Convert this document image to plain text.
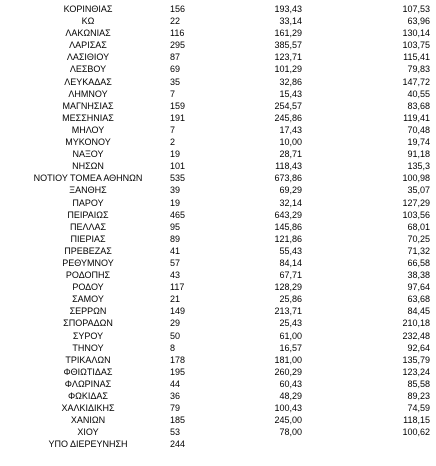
ΚΟΡΙΝΘΙΑΣ	156	193,43	107,53
ΚΩ	22	33,14	63,96
ΛΑΚΩΝΙΑΣ	116	161,29	130,14
ΛΑΡΙΣΑΣ	295	385,57	103,75
ΛΑΣΙΘΙΟΥ	87	123,71	115,41
ΛΕΣΒΟΥ	69	101,29	79,83
ΛΕΥΚΑΔΑΣ	35	32,86	147,72
ΛΗΜΝΟΥ	7	15,43	40,55
ΜΑΓΝΗΣΙΑΣ	159	254,57	83,68
ΜΕΣΣΗΝΙΑΣ	191	245,86	119,41
ΜΗΛΟΥ	7	17,43	70,48
ΜΥΚΟΝΟΥ	2	10,00	19,74
ΝΑΞΟΥ	19	28,71	91,18
ΝΗΣΩΝ	101	118,43	135,3
ΝΟΤΙΟΥ ΤΟΜΕΑ ΑΘΗΝΩΝ	535	673,86	100,98
ΞΑΝΘΗΣ	39	69,29	35,07
ΠΑΡΟΥ	19	32,14	127,29
ΠΕΙΡΑΙΩΣ	465	643,29	103,56
ΠΕΛΛΑΣ	95	145,86	68,01
ΠΙΕΡΙΑΣ	89	121,86	70,25
ΠΡΕΒΕΖΑΣ	41	55,43	71,32
ΡΕΘΥΜΝΟΥ	57	84,14	66,58
ΡΟΔΟΠΗΣ	43	67,71	38,38
ΡΟΔΟΥ	117	128,29	97,64
ΣΑΜΟΥ	21	25,86	63,68
ΣΕΡΡΩΝ	149	213,71	84,45
ΣΠΟΡΑΔΩΝ	29	25,43	210,18
ΣΥΡΟΥ	50	61,00	232,48
ΤΗΝΟΥ	8	16,57	92,64
ΤΡΙΚΑΛΩΝ	178	181,00	135,79
ΦΘΙΩΤΙΔΑΣ	195	260,29	123,24
ΦΛΩΡΙΝΑΣ	44	60,43	85,58
ΦΩΚΙΔΑΣ	36	48,29	89,23
ΧΑΛΚΙΔΙΚΗΣ	79	100,43	74,59
ΧΑΝΙΩΝ	185	245,00	118,15
ΧΙΟΥ	53	78,00	100,62
ΥΠΟ ΔΙΕΡΕΥΝΗΣΗ	244
